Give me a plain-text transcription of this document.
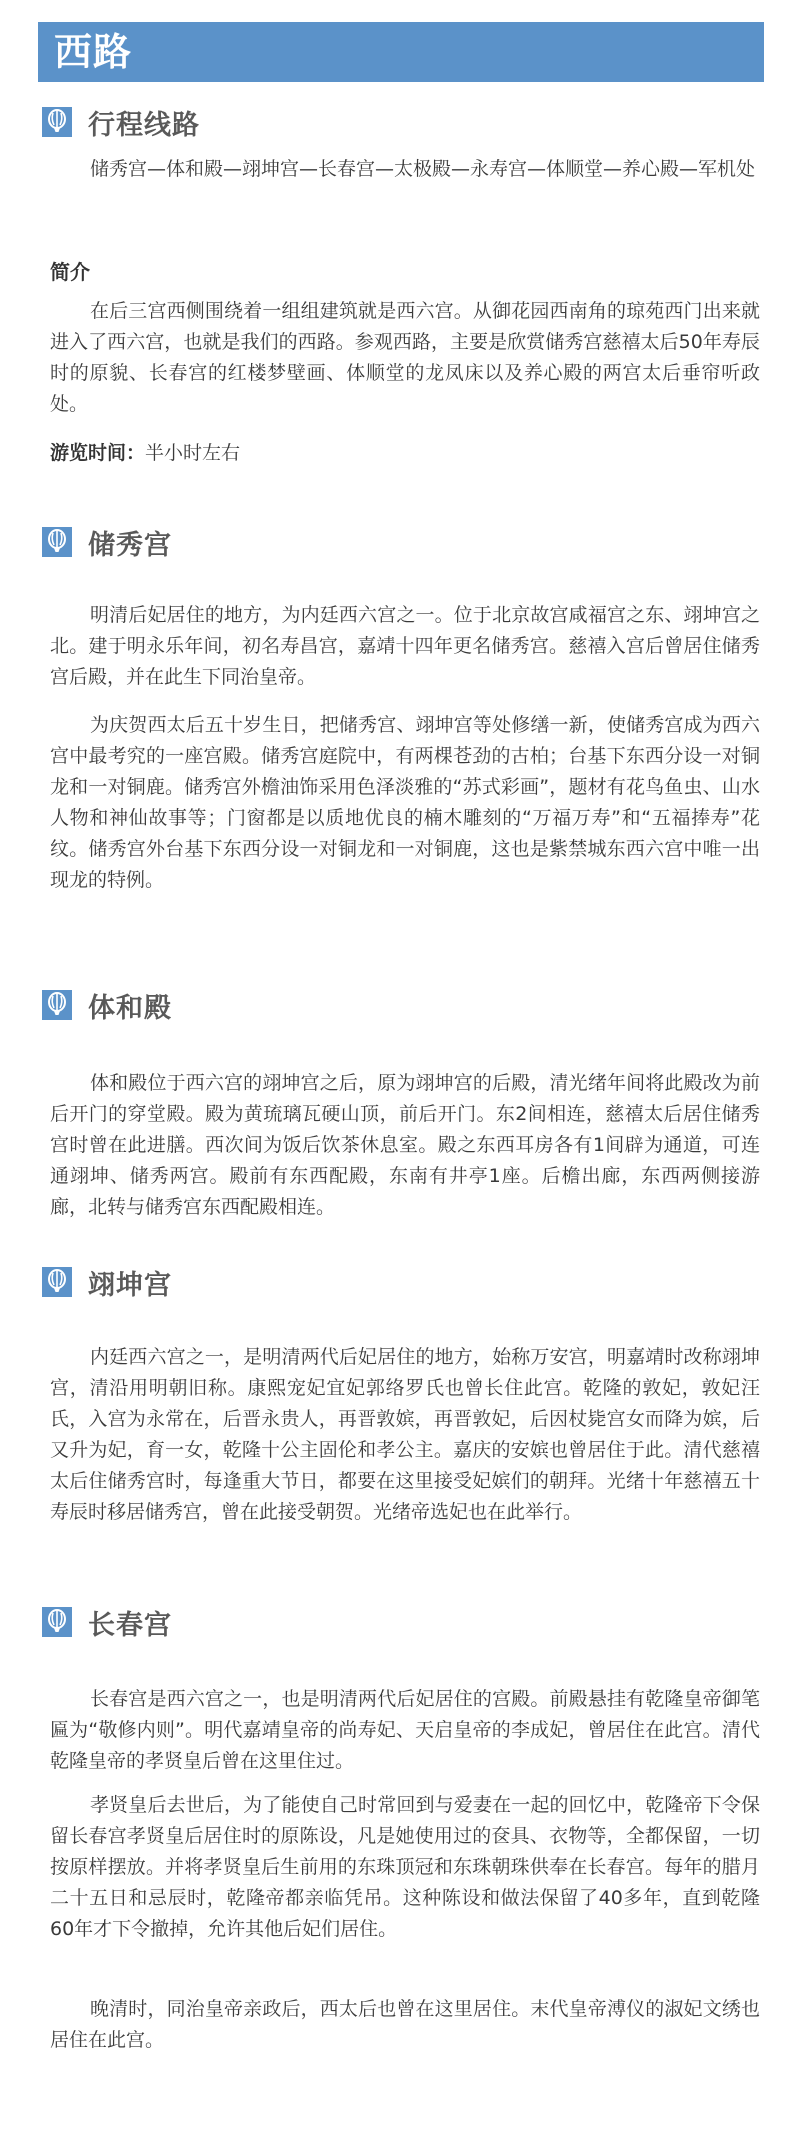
西路
行程线路

储秀宫—体和殿—翊坤宫—长春宫—太极殿—永寿宫—体顺堂—养心殿—军机处

简介

在后三宫西侧围绕着一组组建筑就是西六宫。从御花园西南角的琼苑西门出来就进入了西六宫，也就是我们的西路。参观西路，主要是欣赏储秀宫慈禧太后50年寿辰时的原貌、长春宫的红楼梦壁画、体顺堂的龙凤床以及养心殿的两宫太后垂帘听政处。

游览时间：半小时左右
储秀宫

明清后妃居住的地方，为内廷西六宫之一。位于北京故宫咸福宫之东、翊坤宫之北。建于明永乐年间，初名寿昌宫，嘉靖十四年更名储秀宫。慈禧入宫后曾居住储秀宫后殿，并在此生下同治皇帝。

为庆贺西太后五十岁生日，把储秀宫、翊坤宫等处修缮一新，使储秀宫成为西六宫中最考究的一座宫殿。储秀宫庭院中，有两棵苍劲的古柏；台基下东西分设一对铜龙和一对铜鹿。储秀宫外檐油饰采用色泽淡雅的“苏式彩画”，题材有花鸟鱼虫、山水人物和神仙故事等；门窗都是以质地优良的楠木雕刻的“万福万寿”和“五福捧寿”花纹。储秀宫外台基下东西分设一对铜龙和一对铜鹿，这也是紫禁城东西六宫中唯一出现龙的特例。

体和殿

体和殿位于西六宫的翊坤宫之后，原为翊坤宫的后殿，清光绪年间将此殿改为前后开门的穿堂殿。殿为黄琉璃瓦硬山顶，前后开门。东2间相连，慈禧太后居住储秀宫时曾在此进膳。西次间为饭后饮茶休息室。殿之东西耳房各有1间辟为通道，可连通翊坤、储秀两宫。殿前有东西配殿，东南有井亭1座。后檐出廊，东西两侧接游廊，北转与储秀宫东西配殿相连。

翊坤宫

内廷西六宫之一，是明清两代后妃居住的地方，始称万安宫，明嘉靖时改称翊坤宫，清沿用明朝旧称。康熙宠妃宜妃郭络罗氏也曾长住此宫。乾隆的敦妃，敦妃汪氏，入宫为永常在，后晋永贵人，再晋敦嫔，再晋敦妃，后因杖毙宫女而降为嫔，后又升为妃，育一女，乾隆十公主固伦和孝公主。嘉庆的安嫔也曾居住于此。清代慈禧太后住储秀宫时，每逢重大节日，都要在这里接受妃嫔们的朝拜。光绪十年慈禧五十寿辰时移居储秀宫，曾在此接受朝贺。光绪帝选妃也在此举行。

长春宫

长春宫是西六宫之一，也是明清两代后妃居住的宫殿。前殿悬挂有乾隆皇帝御笔匾为“敬修内则”。明代嘉靖皇帝的尚寿妃、天启皇帝的李成妃，曾居住在此宫。清代乾隆皇帝的孝贤皇后曾在这里住过。

孝贤皇后去世后，为了能使自己时常回到与爱妻在一起的回忆中，乾隆帝下令保留长春宫孝贤皇后居住时的原陈设，凡是她使用过的奁具、衣物等，全都保留，一切按原样摆放。并将孝贤皇后生前用的东珠顶冠和东珠朝珠供奉在长春宫。每年的腊月二十五日和忌辰时，乾隆帝都亲临凭吊。这种陈设和做法保留了40多年，直到乾隆60年才下令撤掉，允许其他后妃们居住。

晚清时，同治皇帝亲政后，西太后也曾在这里居住。末代皇帝溥仪的淑妃文绣也居住在此宫。
